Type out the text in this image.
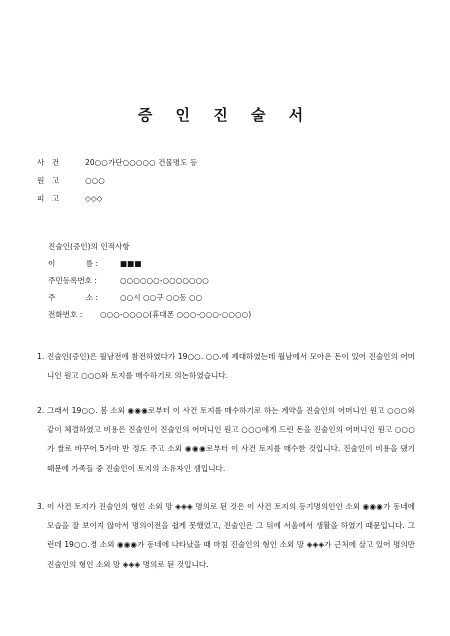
증 인 진 술 서
사　건	20○○가단○○○○○ 건물명도 등
원　고	○○○
피　고	◇◇◇
진술인(증인)의 인적사항
이　　　　름 :	■■■
주민등록번호 :	○○○○○○-○○○○○○○
주　　　　소 :	○○시 ○○구 ○○동 ○○
전화번호 : ○○○-○○○○(휴대폰 ○○○-○○○-○○○○)
1. 진술인(증인)은 월남전에 참전하였다가 19○○. ○○.에 제대하였는데 월남에서 모아온 돈이 있어 진술인의 어머니인 원고 ○○○와 토지를 매수하기로 의논하였습니다.
2. 그래서 19○○. 봄 소외 ◉◉◉로부터 이 사건 토지를 매수하기로 하는 계약을 진술인의 어머니인 원고 ○○○와 같이 체결하였고 비용은 진술인이 진술인의 어머니인 원고 ○○○에게 드린 돈을 진술인의 어머니인 원고 ○○○가 쌀로 바꾸어 5가마 반 정도 주고 소외 ◉◉◉로부터 이 사건 토지를 매수한 것입니다. 진술인이 비용을 댔기 때문에 가족들 중 진술인이 토지의 소유자인 셈입니다.
3. 이 사건 토지가 진술인의 형인 소외 망 ◈◈◈ 명의로 된 것은 이 사건 토지의 등기명의인인 소외 ◉◉◉가 동네에 모습을 잘 보이지 않아서 명의이전을 쉽게 못했었고, 진술인은 그 뒤에 서울에서 생활을 하였기 때문입니다. 그런데 19○○.경 소외 ◉◉◉가 동네에 나타났을 때 마침 진술인의 형인 소외 망 ◈◈◈가 근처에 살고 있어 명의만 진술인의 형인 소외 망 ◈◈◈ 명의로 된 것입니다.
